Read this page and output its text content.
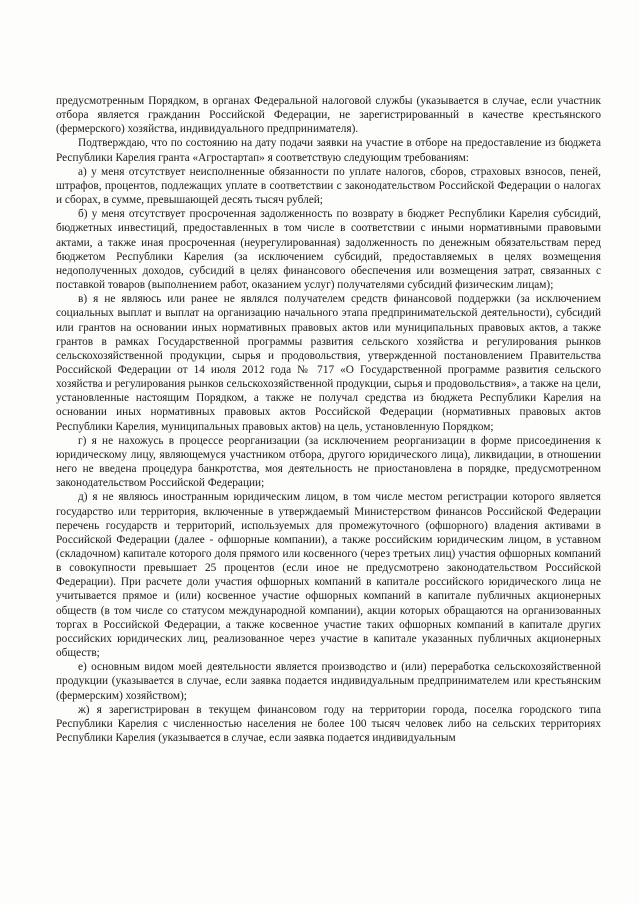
предусмотренным Порядком, в органах Федеральной налоговой службы (указывается в случае, если участник отбора является гражданин Российской Федерации, не зарегистрированный в качестве крестьянского (фермерского) хозяйства, индивидуального предпринимателя).

Подтверждаю, что по состоянию на дату подачи заявки на участие в отборе на предоставление из бюджета Республики Карелия гранта «Агростартап» я соответствую следующим требованиям:

а) у меня отсутствует неисполненные обязанности по уплате налогов, сборов, страховых взносов, пеней, штрафов, процентов, подлежащих уплате в соответствии с законодательством Российской Федерации о налогах и сборах, в сумме, превышающей десять тысяч рублей;

б) у меня отсутствует просроченная задолженность по возврату в бюджет Республики Карелия субсидий, бюджетных инвестиций, предоставленных в том числе в соответствии с иными нормативными правовыми актами, а также иная просроченная (неурегулированная) задолженность по денежным обязательствам перед бюджетом Республики Карелия (за исключением субсидий, предоставляемых в целях возмещения недополученных доходов, субсидий в целях финансового обеспечения или возмещения затрат, связанных с поставкой товаров (выполнением работ, оказанием услуг) получателями субсидий физическим лицам);

в) я не являюсь или ранее не являлся получателем средств финансовой поддержки (за исключением социальных выплат и выплат на организацию начального этапа предпринимательской деятельности), субсидий или грантов на основании иных нормативных правовых актов или муниципальных правовых актов, а также грантов в рамках Государственной программы развития сельского хозяйства и регулирования рынков сельскохозяйственной продукции, сырья и продовольствия, утвержденной постановлением Правительства Российской Федерации от 14 июля 2012 года № 717 «О Государственной программе развития сельского хозяйства и регулирования рынков сельскохозяйственной продукции, сырья и продовольствия», а также на цели, установленные настоящим Порядком, а также не получал средства из бюджета Республики Карелия на основании иных нормативных правовых актов Российской Федерации (нормативных правовых актов Республики Карелия, муниципальных правовых актов) на цель, установленную Порядком;

г) я не нахожусь в процессе реорганизации (за исключением реорганизации в форме присоединения к юридическому лицу, являющемуся участником отбора, другого юридического лица), ликвидации, в отношении него не введена процедура банкротства, моя деятельность не приостановлена в порядке, предусмотренном законодательством Российской Федерации;

д) я не являюсь иностранным юридическим лицом, в том числе местом регистрации которого является государство или территория, включенные в утверждаемый Министерством финансов Российской Федерации перечень государств и территорий, используемых для промежуточного (офшорного) владения активами в Российской Федерации (далее - офшорные компании), а также российским юридическим лицом, в уставном (складочном) капитале которого доля прямого или косвенного (через третьих лиц) участия офшорных компаний в совокупности превышает 25 процентов (если иное не предусмотрено законодательством Российской Федерации). При расчете доли участия офшорных компаний в капитале российского юридического лица не учитывается прямое и (или) косвенное участие офшорных компаний в капитале публичных акционерных обществ (в том числе со статусом международной компании), акции которых обращаются на организованных торгах в Российской Федерации, а также косвенное участие таких офшорных компаний в капитале других российских юридических лиц, реализованное через участие в капитале указанных публичных акционерных обществ;

е) основным видом моей деятельности является производство и (или) переработка сельскохозяйственной продукции (указывается в случае, если заявка подается индивидуальным предпринимателем или крестьянским (фермерским) хозяйством);

ж) я зарегистрирован в текущем финансовом году на территории города, поселка городского типа Республики Карелия с численностью населения не более 100 тысяч человек либо на сельских территориях Республики Карелия (указывается в случае, если заявка подается индивидуальным
